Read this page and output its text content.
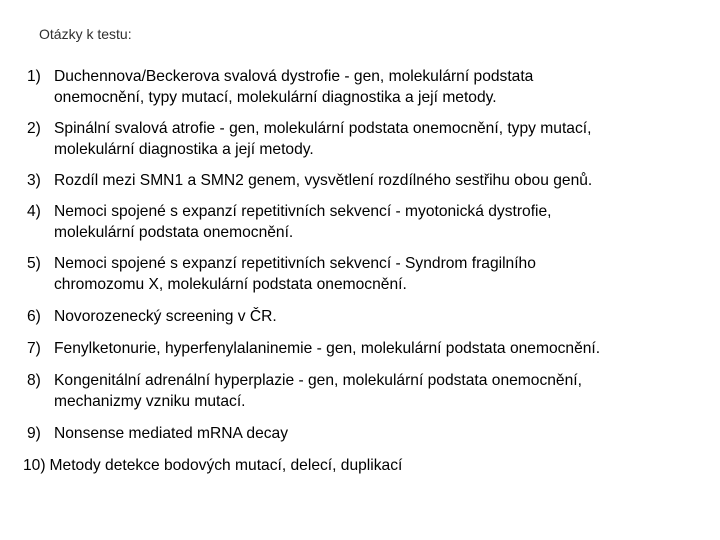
Otázky k testu:
1) Duchennova/Beckerova svalová dystrofie - gen, molekulární podstata
onemocnění, typy mutací, molekulární diagnostika a její metody.
2) Spinální svalová atrofie - gen, molekulární podstata onemocnění, typy mutací,
molekulární diagnostika a její metody.
3) Rozdíl mezi SMN1 a SMN2 genem, vysvětlení rozdílného sestřihu obou genů.
4) Nemoci spojené s expanzí repetitivních sekvencí - myotonická dystrofie,
molekulární podstata onemocnění.
5) Nemoci spojené s expanzí repetitivních sekvencí - Syndrom fragilního
chromozomu X, molekulární podstata onemocnění.
6) Novorozenecký screening v ČR.
7) Fenylketonurie, hyperfenylalaninemie - gen, molekulární podstata onemocnění.
8) Kongenitální adrenální hyperplazie - gen, molekulární podstata onemocnění,
mechanizmy vzniku mutací.
9) Nonsense mediated mRNA decay
10) Metody detekce bodových mutací, delecí, duplikací
